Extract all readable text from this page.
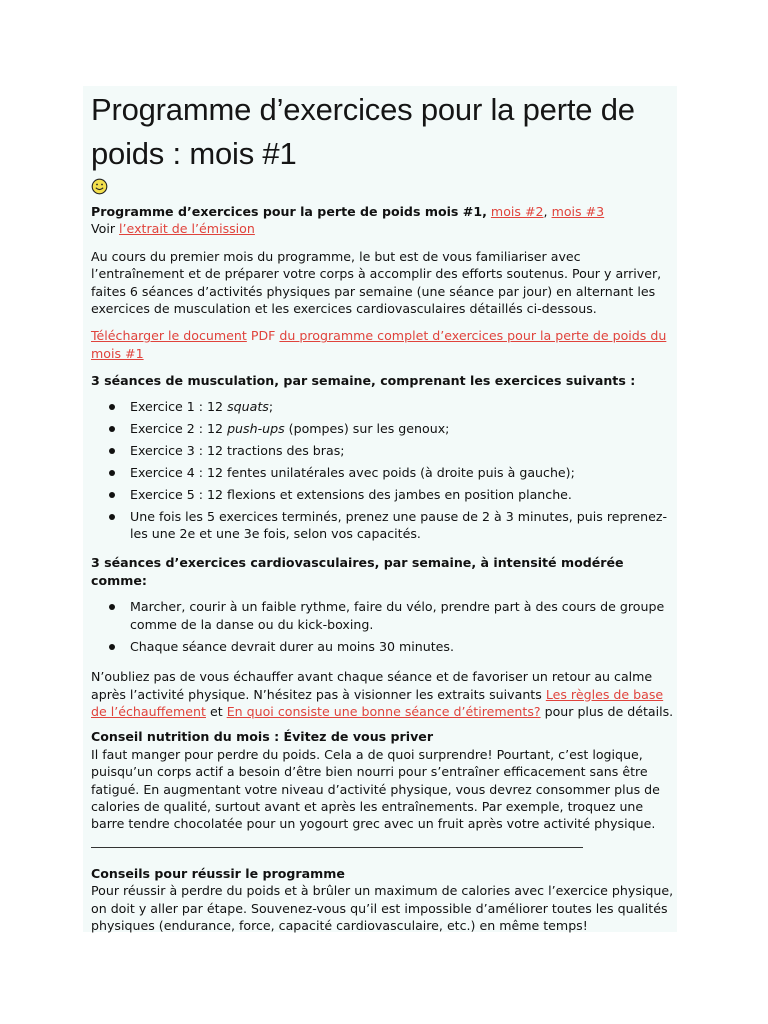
Programme d’exercices pour la perte de poids : mois #1

Programme d’exercices pour la perte de poids mois #1, mois #2, mois #3
Voir l’extrait de l’émission

Au cours du premier mois du programme, le but est de vous familiariser avec l’entraînement et de préparer votre corps à accomplir des efforts soutenus. Pour y arriver, faites 6 séances d’activités physiques par semaine (une séance par jour) en alternant les exercices de musculation et les exercices cardiovasculaires détaillés ci-dessous.

Télécharger le document PDF du programme complet d’exercices pour la perte de poids du mois #1

3 séances de musculation, par semaine, comprenant les exercices suivants :

Exercice 1 : 12 squats;
Exercice 2 : 12 push-ups (pompes) sur les genoux;
Exercice 3 : 12 tractions des bras;
Exercice 4 : 12 fentes unilatérales avec poids (à droite puis à gauche);
Exercice 5 : 12 flexions et extensions des jambes en position planche.
Une fois les 5 exercices terminés, prenez une pause de 2 à 3 minutes, puis reprenez-les une 2e et une 3e fois, selon vos capacités.

3 séances d’exercices cardiovasculaires, par semaine, à intensité modérée comme:

Marcher, courir à un faible rythme, faire du vélo, prendre part à des cours de groupe comme de la danse ou du kick-boxing.
Chaque séance devrait durer au moins 30 minutes.

N’oubliez pas de vous échauffer avant chaque séance et de favoriser un retour au calme après l’activité physique. N’hésitez pas à visionner les extraits suivants Les règles de base de l’échauffement et En quoi consiste une bonne séance d’étirements? pour plus de détails.

Conseil nutrition du mois : Évitez de vous priver

Il faut manger pour perdre du poids. Cela a de quoi surprendre! Pourtant, c’est logique, puisqu’un corps actif a besoin d’être bien nourri pour s’entraîner efficacement sans être fatigué. En augmentant votre niveau d’activité physique, vous devrez consommer plus de calories de qualité, surtout avant et après les entraînements. Par exemple, troquez une barre tendre chocolatée pour un yogourt grec avec un fruit après votre activité physique.

Conseils pour réussir le programme

Pour réussir à perdre du poids et à brûler un maximum de calories avec l’exercice physique, on doit y aller par étape. Souvenez-vous qu’il est impossible d’améliorer toutes les qualités physiques (endurance, force, capacité cardiovasculaire, etc.) en même temps!
